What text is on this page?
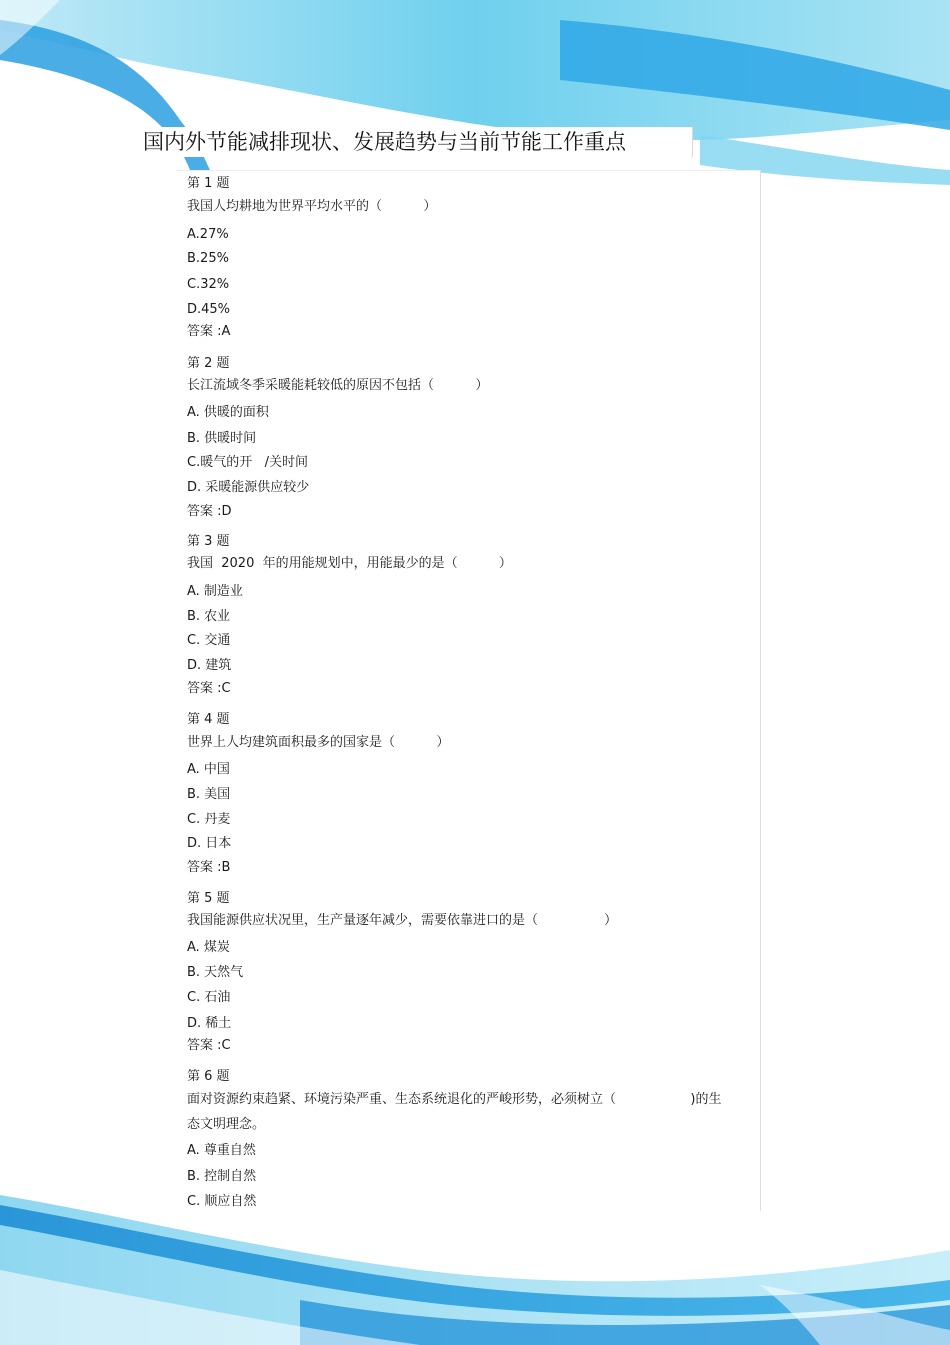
国内外节能减排现状、发展趋势与当前节能工作重点
第 1 题
我国人均耕地为世界平均水平的（          ）
A.27%
B.25%
C.32%
D.45%
答案 :A
第 2 题
长江流域冬季采暖能耗较低的原因不包括（          ）
A. 供暖的面积
B. 供暖时间
C.暖气的开   /关时间
D. 采暖能源供应较少
答案 :D
第 3 题
我国  2020  年的用能规划中，用能最少的是（          ）
A. 制造业
B. 农业
C. 交通
D. 建筑
答案 :C
第 4 题
世界上人均建筑面积最多的国家是（          ）
A. 中国
B. 美国
C. 丹麦
D. 日本
答案 :B
第 5 题
我国能源供应状况里，生产量逐年减少，需要依靠进口的是（                ）
A. 煤炭
B. 天然气
C. 石油
D. 稀土
答案 :C
第 6 题
面对资源约束趋紧、环境污染严重、生态系统退化的严峻形势，必须树立（                  )的生
态文明理念。
A. 尊重自然
B. 控制自然
C. 顺应自然
